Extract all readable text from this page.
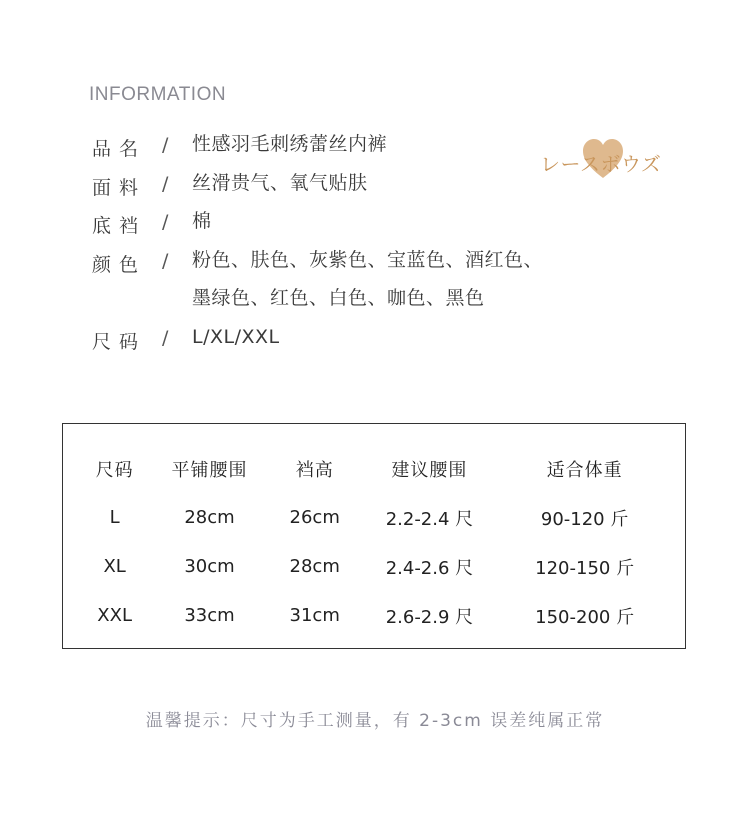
INFORMATION
品名 /	性感羽毛刺绣蕾丝内裤
面料 /	丝滑贵气、氧气贴肤
底裆 /	棉
颜色 /	粉色、肤色、灰紫色、宝蓝色、酒红色、
墨绿色、红色、白色、咖色、黑色
尺码 /	L/XL/XXL
レースボウズ
尺码	平铺腰围	裆高	建议腰围	适合体重
L	28cm	26cm	2.2-2.4 尺	90-120 斤
XL	30cm	28cm	2.4-2.6 尺	120-150 斤
XXL	33cm	31cm	2.6-2.9 尺	150-200 斤
温馨提示：尺寸为手工测量，有 2-3cm 误差纯属正常
